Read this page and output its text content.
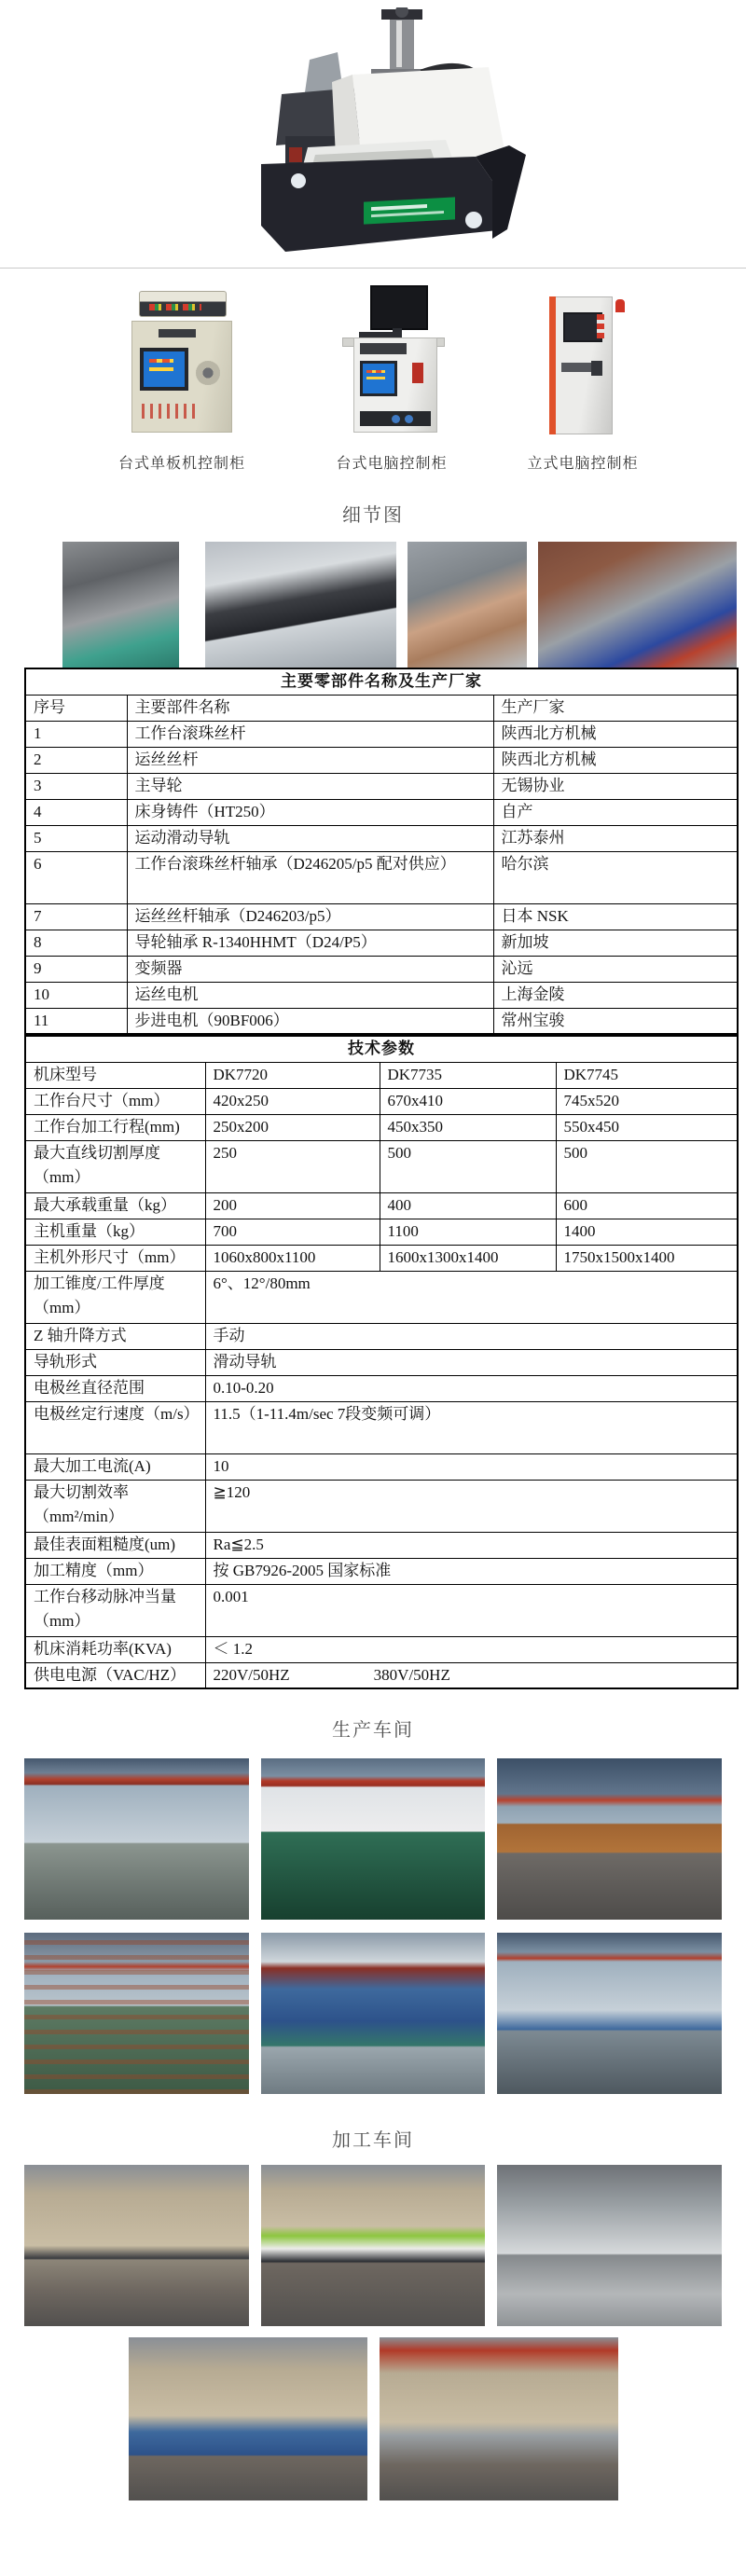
台式单板机控制柜	台式电脑控制柜	立式电脑控制柜
细节图
主要零部件名称及生产厂家		
序号	主要部件名称	生产厂家
1	工作台滚珠丝杆	陕西北方机械
2	运丝丝杆	陕西北方机械
3	主导轮	无锡协业
4	床身铸件（HT250）	自产
5	运动滑动导轨	江苏泰州
6	工作台滚珠丝杆轴承（D246205/p5 配对供应）	哈尔滨
7	运丝丝杆轴承（D246203/p5）	日本 NSK
8	导轮轴承 R-1340HHMT（D24/P5）	新加坡
9	变频器	沁远
10	运丝电机	上海金陵
11	步进电机（90BF006）	常州宝骏
技术参数			
机床型号	DK7720	DK7735	DK7745
工作台尺寸（mm）	420x250	670x410	745x520
工作台加工行程(mm)	250x200	450x350	550x450
最大直线切割厚度（mm）	250	500	500
最大承载重量（kg）	200	400	600
主机重量（kg）	700	1100	1400
主机外形尺寸（mm）	1060x800x1100	1600x1300x1400	1750x1500x1400
加工锥度/工件厚度（mm）	6°、12°/80mm		
Z 轴升降方式	手动		
导轨形式	滑动导轨		
电极丝直径范围	0.10-0.20		
电极丝定行速度（m/s）	11.5（1-11.4m/sec 7段变频可调）		
最大加工电流(A)	10		
最大切割效率（mm²/min）	≧120		
最佳表面粗糙度(um)	Ra≦2.5		
加工精度（mm）	按 GB7926-2005 国家标准		
工作台移动脉冲当量（mm）	0.001		
机床消耗功率(KVA)	＜ 1.2		
供电电源（VAC/HZ）	220V/50HZ 380V/50HZ		
生产车间
加工车间
